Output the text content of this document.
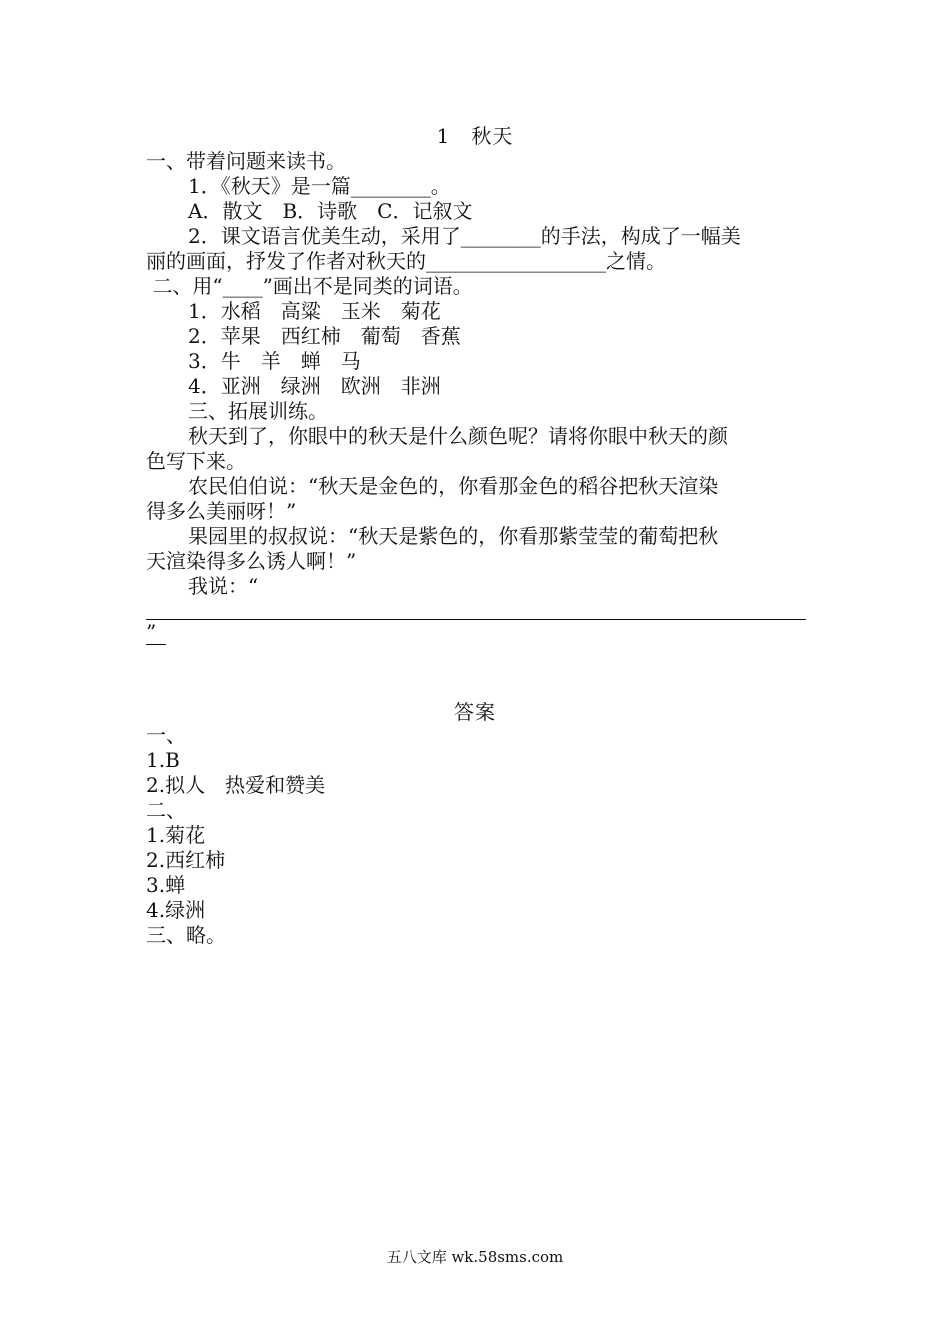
1　秋天
一、带着问题来读书。
1．《秋天》是一篇________。
A．散文　B．诗歌　C．记叙文
2．课文语言优美生动，采用了________的手法，构成了一幅美
丽的画面，抒发了作者对秋天的__________________之情。
二、用“____”画出不是同类的词语。
1．水稻　高粱　玉米　菊花
2．苹果　西红柿　葡萄　香蕉
3．牛　羊　蝉　马
4．亚洲　绿洲　欧洲　非洲
三、拓展训练。
秋天到了，你眼中的秋天是什么颜色呢？请将你眼中秋天的颜
色写下来。
农民伯伯说：“秋天是金色的，你看那金色的稻谷把秋天渲染
得多么美丽呀！”
果园里的叔叔说：“秋天是紫色的，你看那紫莹莹的葡萄把秋
天渲染得多么诱人啊！”
我说：“
”
答案
一、
1.B
2.拟人　热爱和赞美
二、
1.菊花
2.西红柿
3.蝉
4.绿洲
三、略。
五八文库 wk.58sms.com
